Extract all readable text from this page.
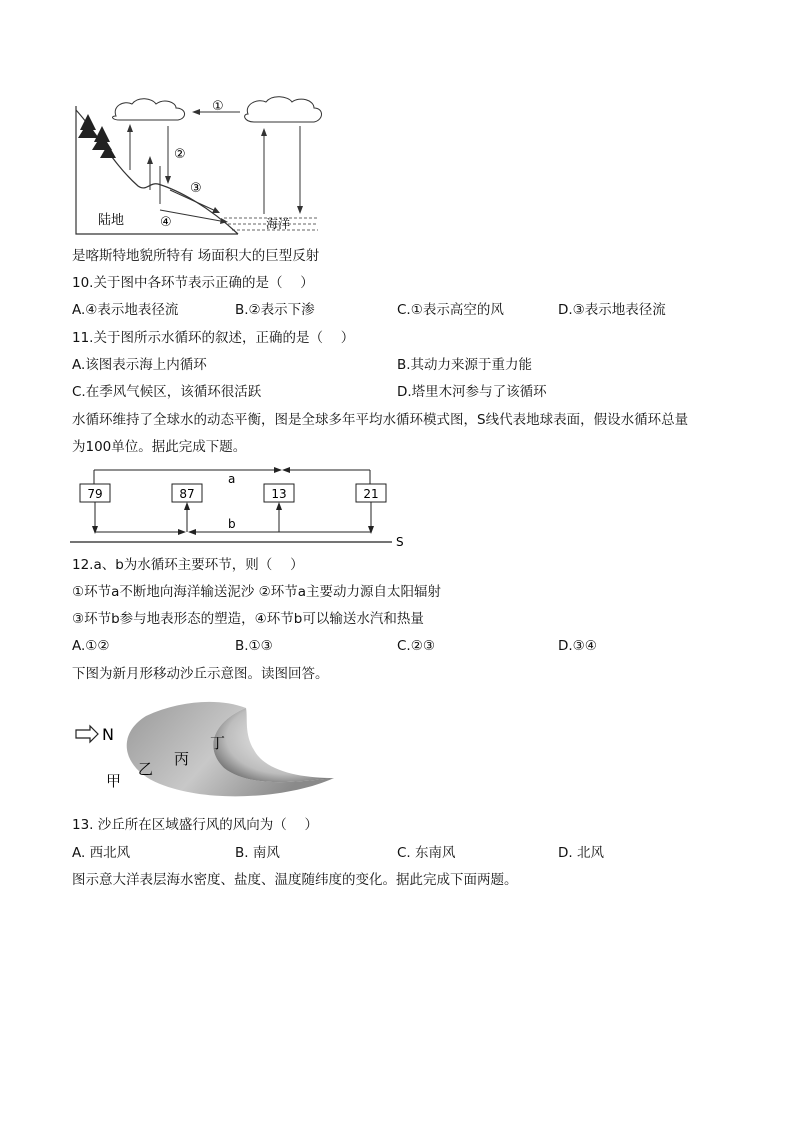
①
②
③
④
陆地	海洋
是喀斯特地貌所特有 场面积大的巨型反射
10.关于图中各环节表示正确的是（　 ）
A.④表示地表径流	B.②表示下渗	C.①表示高空的风	D.③表示地表径流
11.关于图所示水循环的叙述，正确的是（　 ）
A.该图表示海上内循环	B.其动力来源于重力能
C.在季风气候区，该循环很活跃	D.塔里木河参与了该循环
水循环维持了全球水的动态平衡，图是全球多年平均水循环模式图，S线代表地球表面，假设水循环总量
为100单位。据此完成下题。
79	87	13	21
a
b
S
12.a、b为水循环主要环节，则（　 ）
①环节a不断地向海洋输送泥沙 ②环节a主要动力源自太阳辐射
③环节b参与地表形态的塑造，④环节b可以输送水汽和热量
A.①②	B.①③	C.②③	D.③④
下图为新月形移动沙丘示意图。读图回答。
N
甲
乙
丙
丁
13. 沙丘所在区域盛行风的风向为（　 ）
A. 西北风	B. 南风	C. 东南风	D. 北风
图示意大洋表层海水密度、盐度、温度随纬度的变化。据此完成下面两题。
